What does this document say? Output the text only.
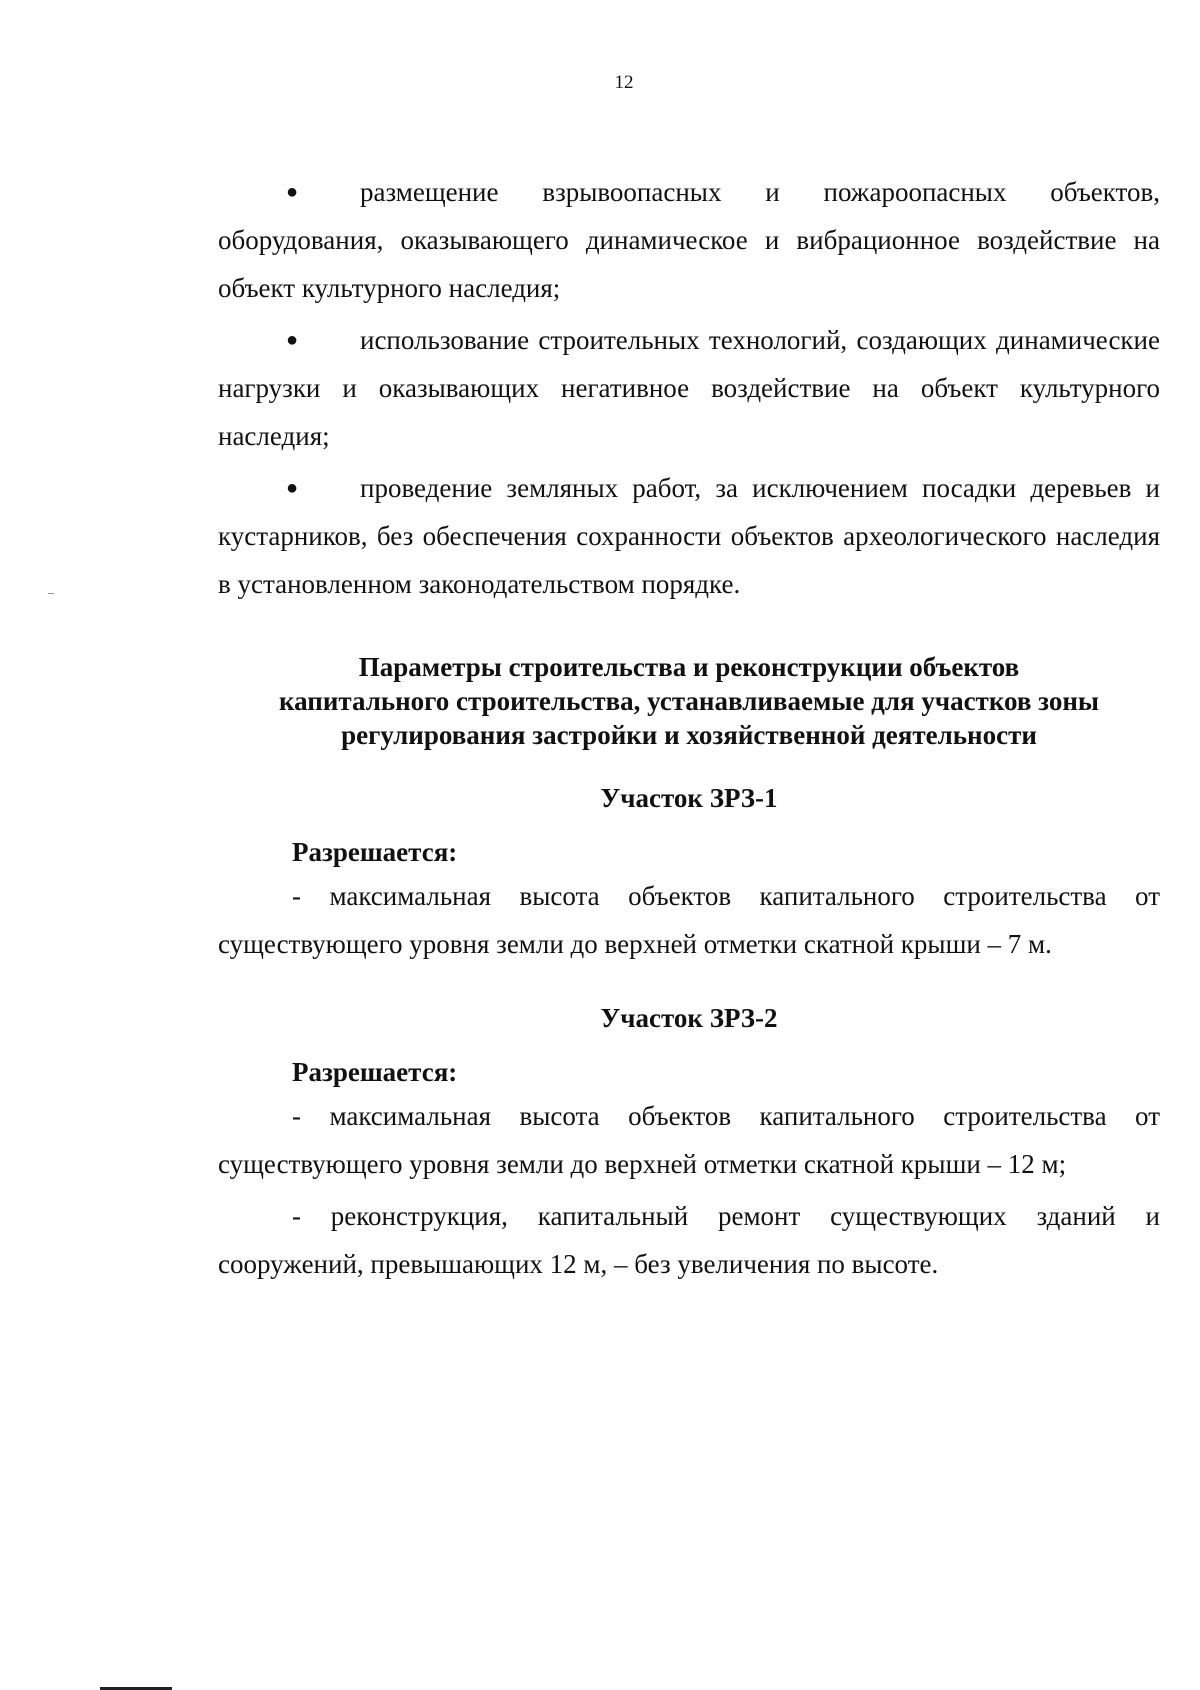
12

● размещение взрывоопасных и пожароопасных объектов, оборудования, оказывающего динамическое и вибрационное воздействие на объект культурного наследия;

● использование строительных технологий, создающих динамические нагрузки и оказывающих негативное воздействие на объект культурного наследия;

● проведение земляных работ, за исключением посадки деревьев и кустарников, без обеспечения сохранности объектов археологического наследия в установленном законодательством порядке.

Параметры строительства и реконструкции объектов

капитального строительства, устанавливаемые для участков зоны

регулирования застройки и хозяйственной деятельности

Участок ЗРЗ-1

Разрешается:

- максимальная высота объектов капитального строительства от существующего уровня земли до верхней отметки скатной крыши – 7 м.

Участок ЗРЗ-2

Разрешается:

- максимальная высота объектов капитального строительства от существующего уровня земли до верхней отметки скатной крыши – 12 м;

- реконструкция, капитальный ремонт существующих зданий и сооружений, превышающих 12 м, – без увеличения по высоте.
